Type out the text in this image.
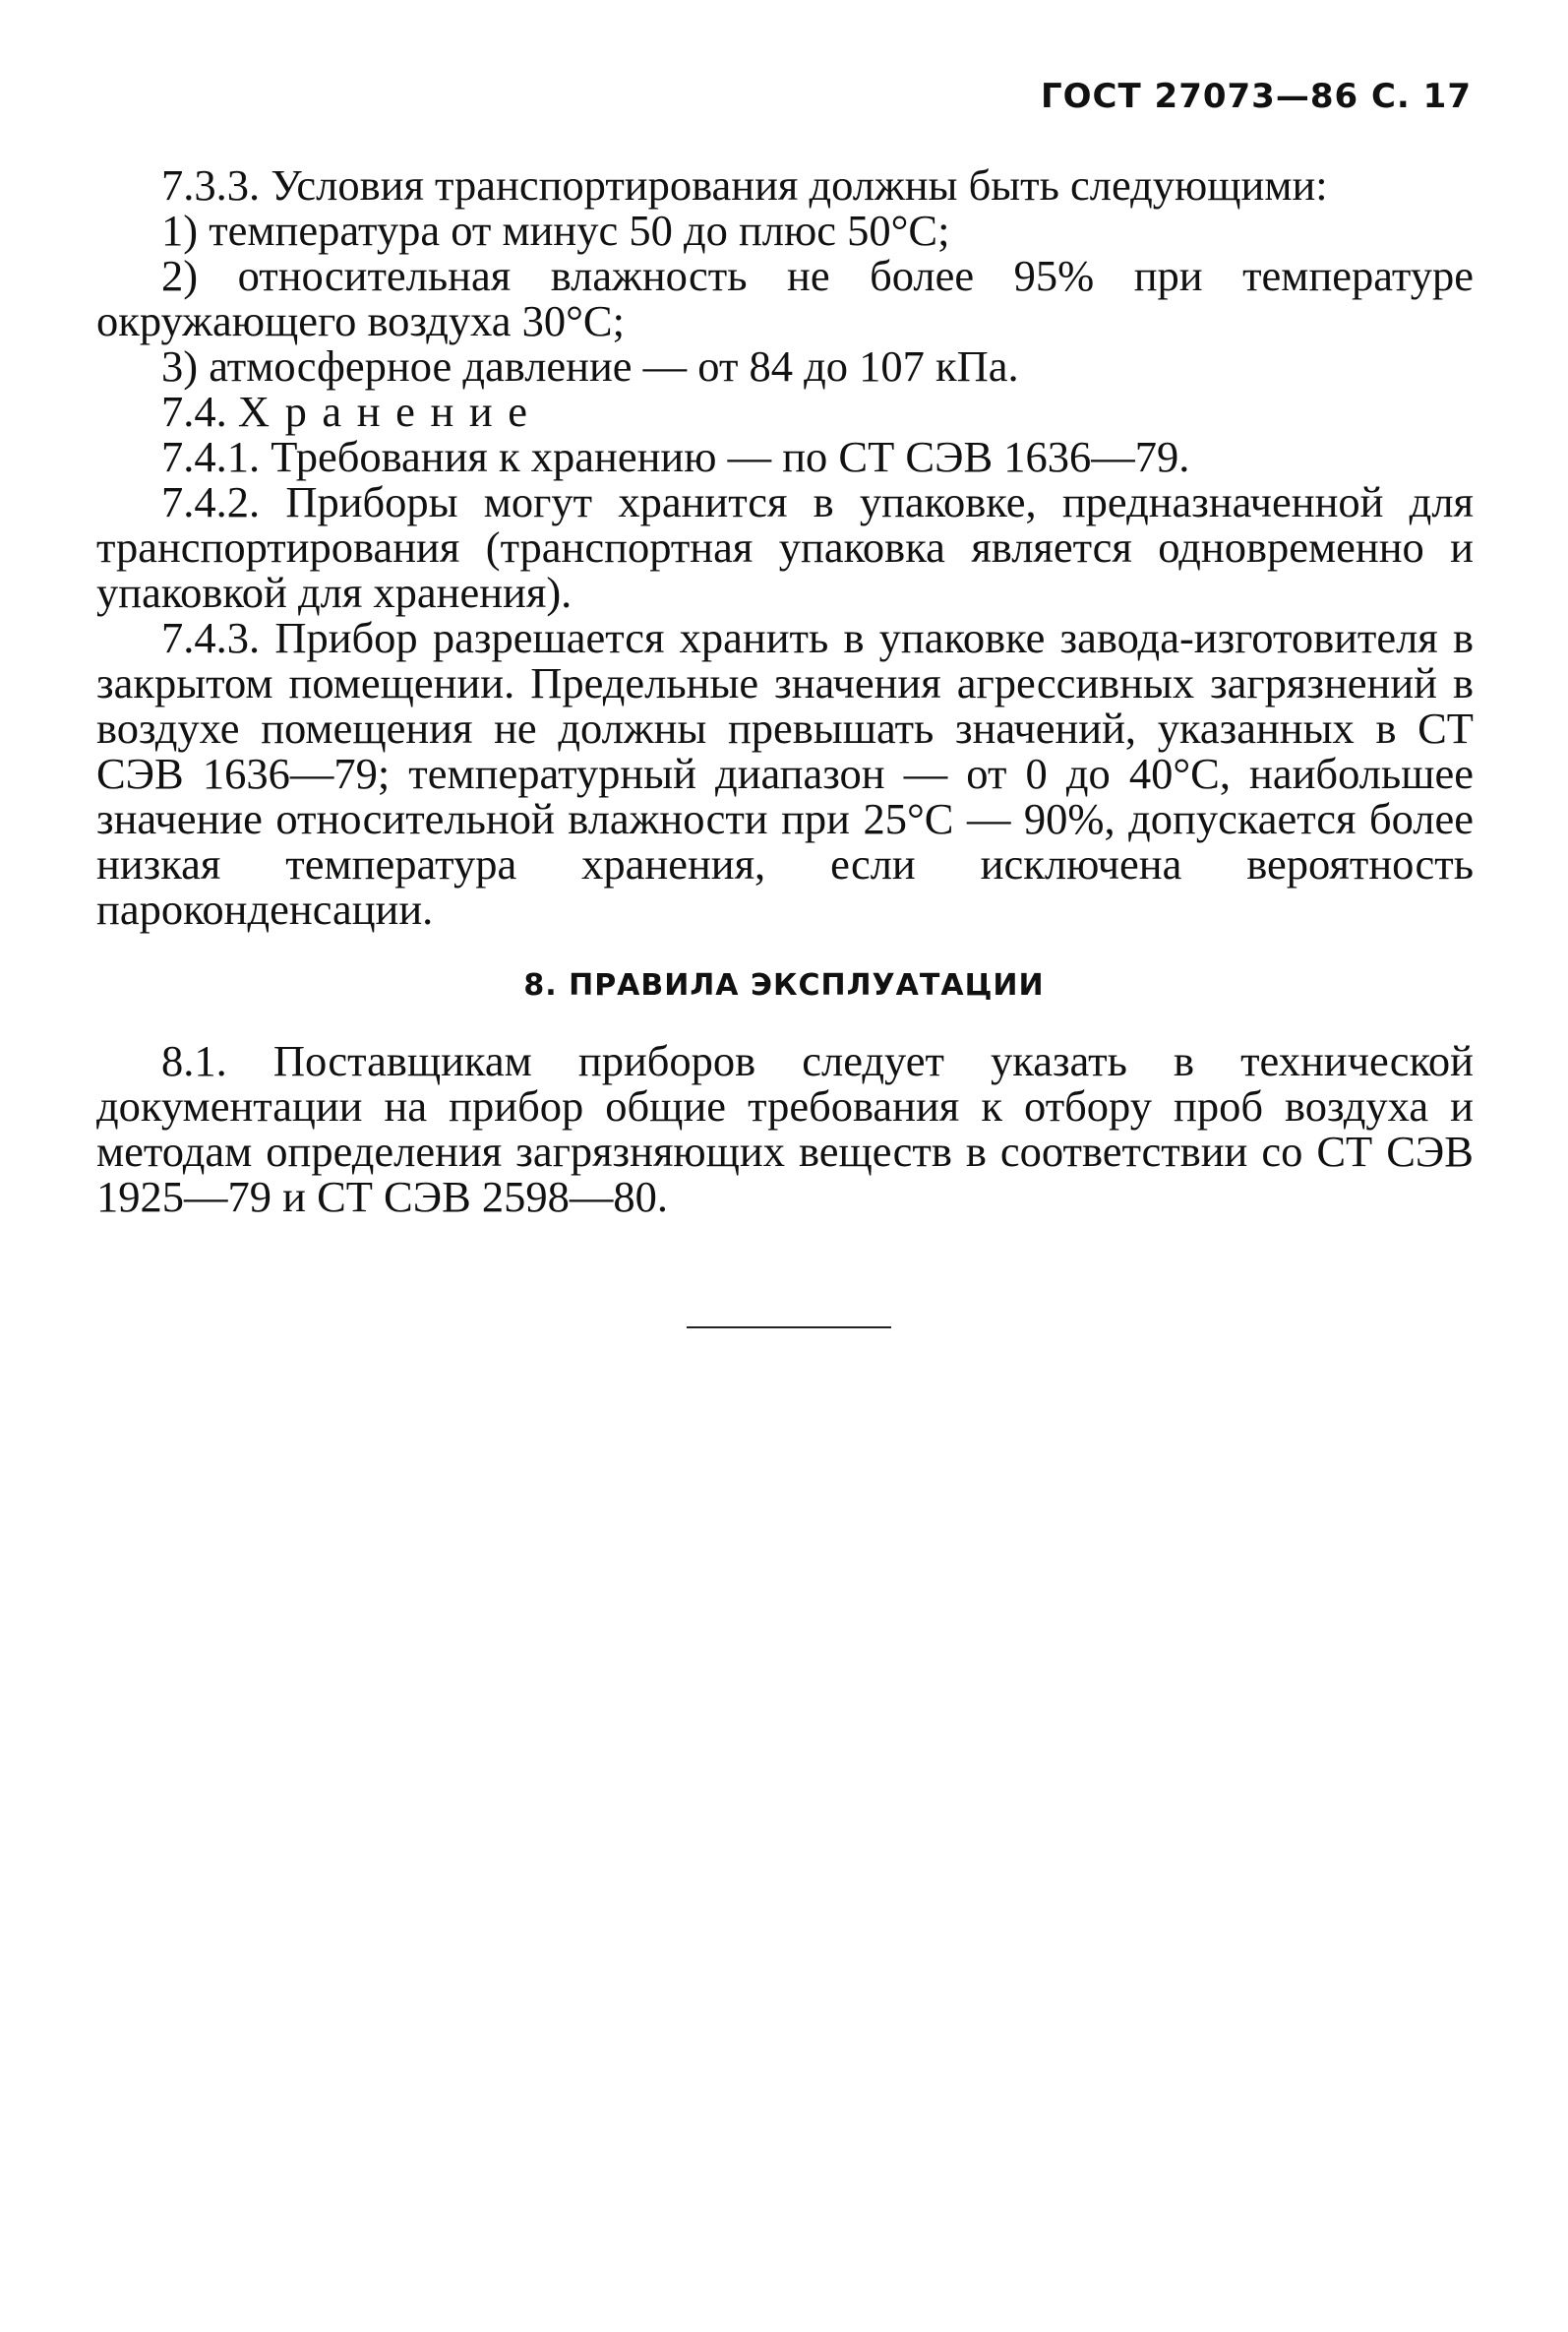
ГОСТ 27073—86 С. 17

7.3.3. Условия транспортирования должны быть следующими:

1) температура от минус 50 до плюс 50°С;

2) относительная влажность не более 95% при температуре окружающего воздуха 30°С;

3) атмосферное давление — от 84 до 107 кПа.

7.4. Хранение

7.4.1. Требования к хранению — по СТ СЭВ 1636—79.

7.4.2. Приборы могут хранится в упаковке, предназначенной для транспортирования (транспортная упаковка является одновременно и упаковкой для хранения).

7.4.3. Прибор разрешается хранить в упаковке завода-изготовителя в закрытом помещении. Предельные значения агрессивных загрязнений в воздухе помещения не должны превышать значений, указанных в СТ СЭВ 1636—79; температурный диапазон — от 0 до 40°С, наибольшее значение относительной влажности при 25°С — 90%, допускается более низкая температура хранения, если исключена вероятность пароконденсации.

8. ПРАВИЛА ЭКСПЛУАТАЦИИ

8.1. Поставщикам приборов следует указать в технической документации на прибор общие требования к отбору проб воздуха и методам определения загрязняющих веществ в соответствии со СТ СЭВ 1925—79 и СТ СЭВ 2598—80.
